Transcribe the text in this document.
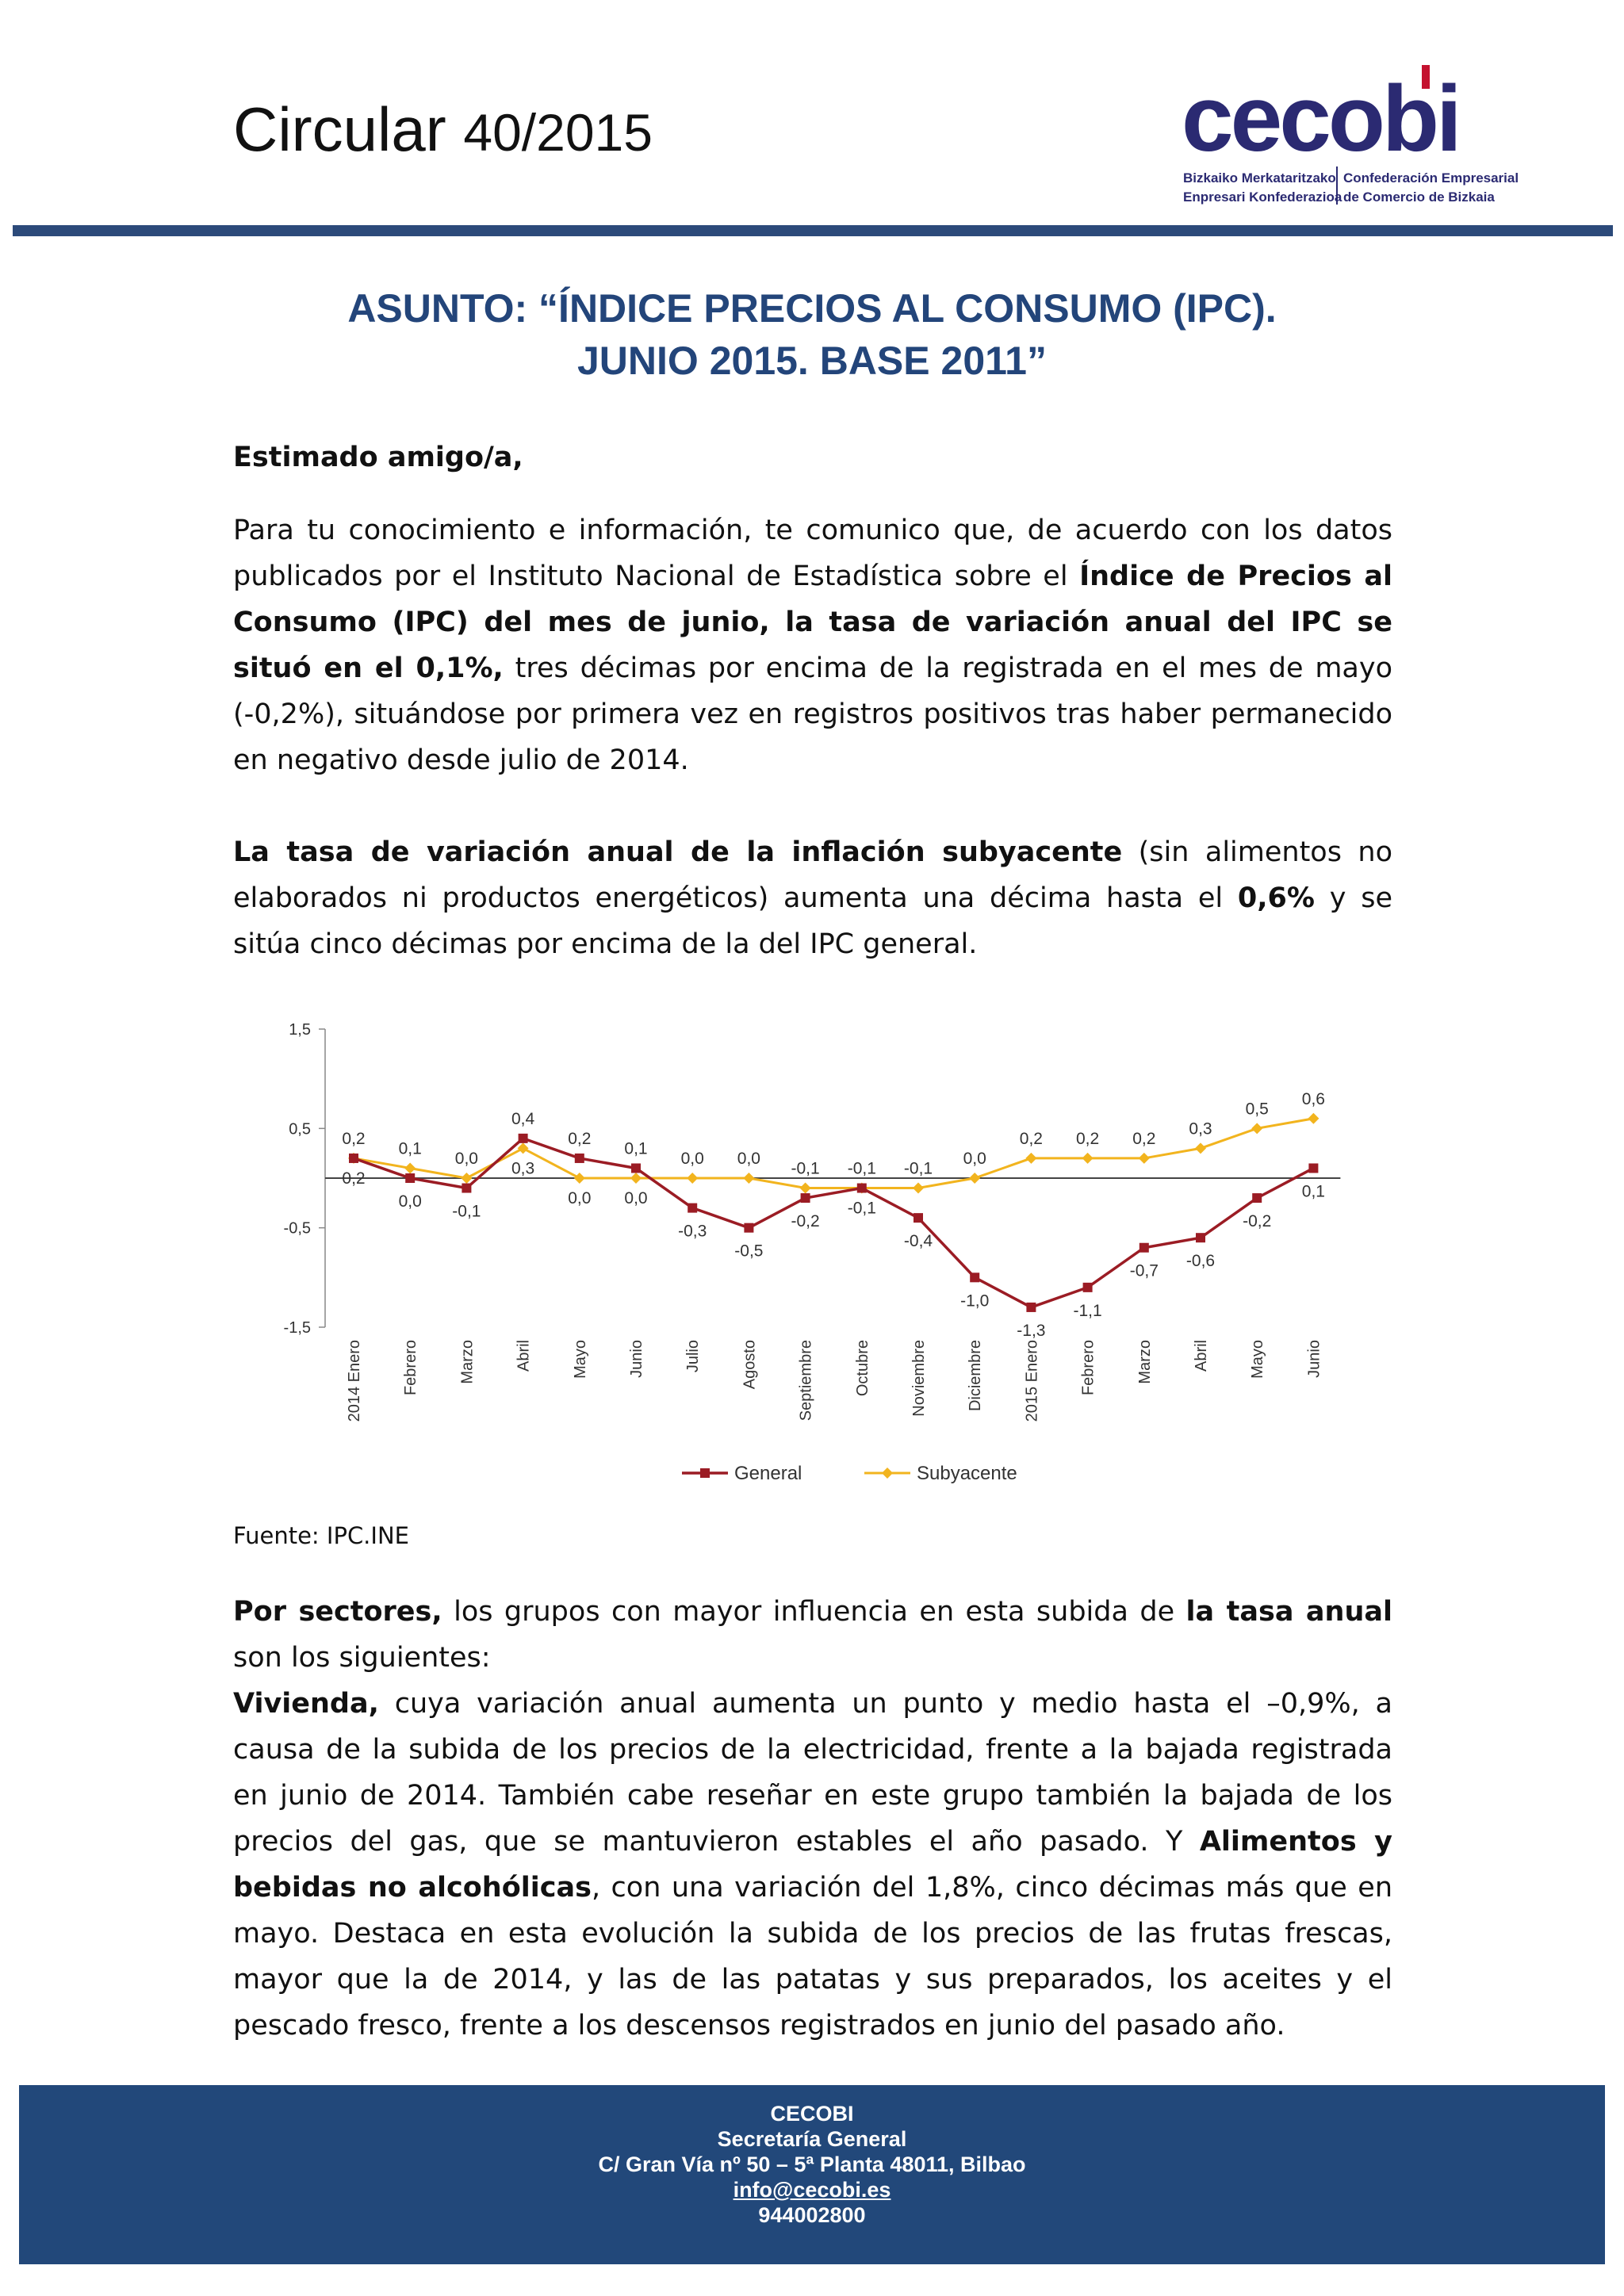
Circular 40/2015	cecobi
Bizkaiko Merkataritzako
Enpresari Konfederazioa
Confederación Empresarial
de Comercio de Bizkaia
ASUNTO: “ÍNDICE PRECIOS AL CONSUMO (IPC).
JUNIO 2015. BASE 2011”
Estimado amigo/a,
Para tu conocimiento e información, te comunico que, de acuerdo con los datos publicados por el Instituto Nacional de Estadística sobre el Índice de Precios al Consumo (IPC) del mes de junio, la tasa de variación anual del IPC se situó en el 0,1%, tres décimas por encima de la registrada en el mes de mayo (-0,2%), situándose por primera vez en registros positivos tras haber permanecido en negativo desde julio de 2014.
La tasa de variación anual de la inflación subyacente (sin alimentos no elaborados ni productos energéticos) aumenta una décima hasta el 0,6% y se sitúa cinco décimas por encima de la del IPC general.
1,5
0,5
-0,5
-1,5
0,2
0,2
0,0
0,1
-0,1
0,0
0,4
0,3
0,2
0,0
0,1
0,0
-0,3
0,0
-0,5
0,0
-0,2
-0,1 -0,1
-0,1
-0,4
-0,1
-1,0
0,0
-1,3
0,2
-1,1
0,2
-0,7
0,2
-0,6
0,3
-0,2
0,5
0,1
0,6
2014 Enero Febrero Marzo Abril Mayo Junio Julio Agosto Septiembre Octubre Noviembre Diciembre 2015 Enero Febrero Marzo Abril Mayo Junio
General	Subyacente
Fuente: IPC.INE
Por sectores, los grupos con mayor influencia en esta subida de la tasa anual son los siguientes:
Vivienda, cuya variación anual aumenta un punto y medio hasta el –0,9%, a causa de la subida de los precios de la electricidad, frente a la bajada registrada en junio de 2014. También cabe reseñar en este grupo también la bajada de los precios del gas, que se mantuvieron estables el año pasado. Y Alimentos y bebidas no alcohólicas, con una variación del 1,8%, cinco décimas más que en mayo. Destaca en esta evolución la subida de los precios de las frutas frescas, mayor que la de 2014, y las de las patatas y sus preparados, los aceites y el pescado fresco, frente a los descensos registrados en junio del pasado año.
CECOBI
Secretaría General
C/ Gran Vía nº 50 – 5ª Planta 48011, Bilbao
info@cecobi.es
944002800
